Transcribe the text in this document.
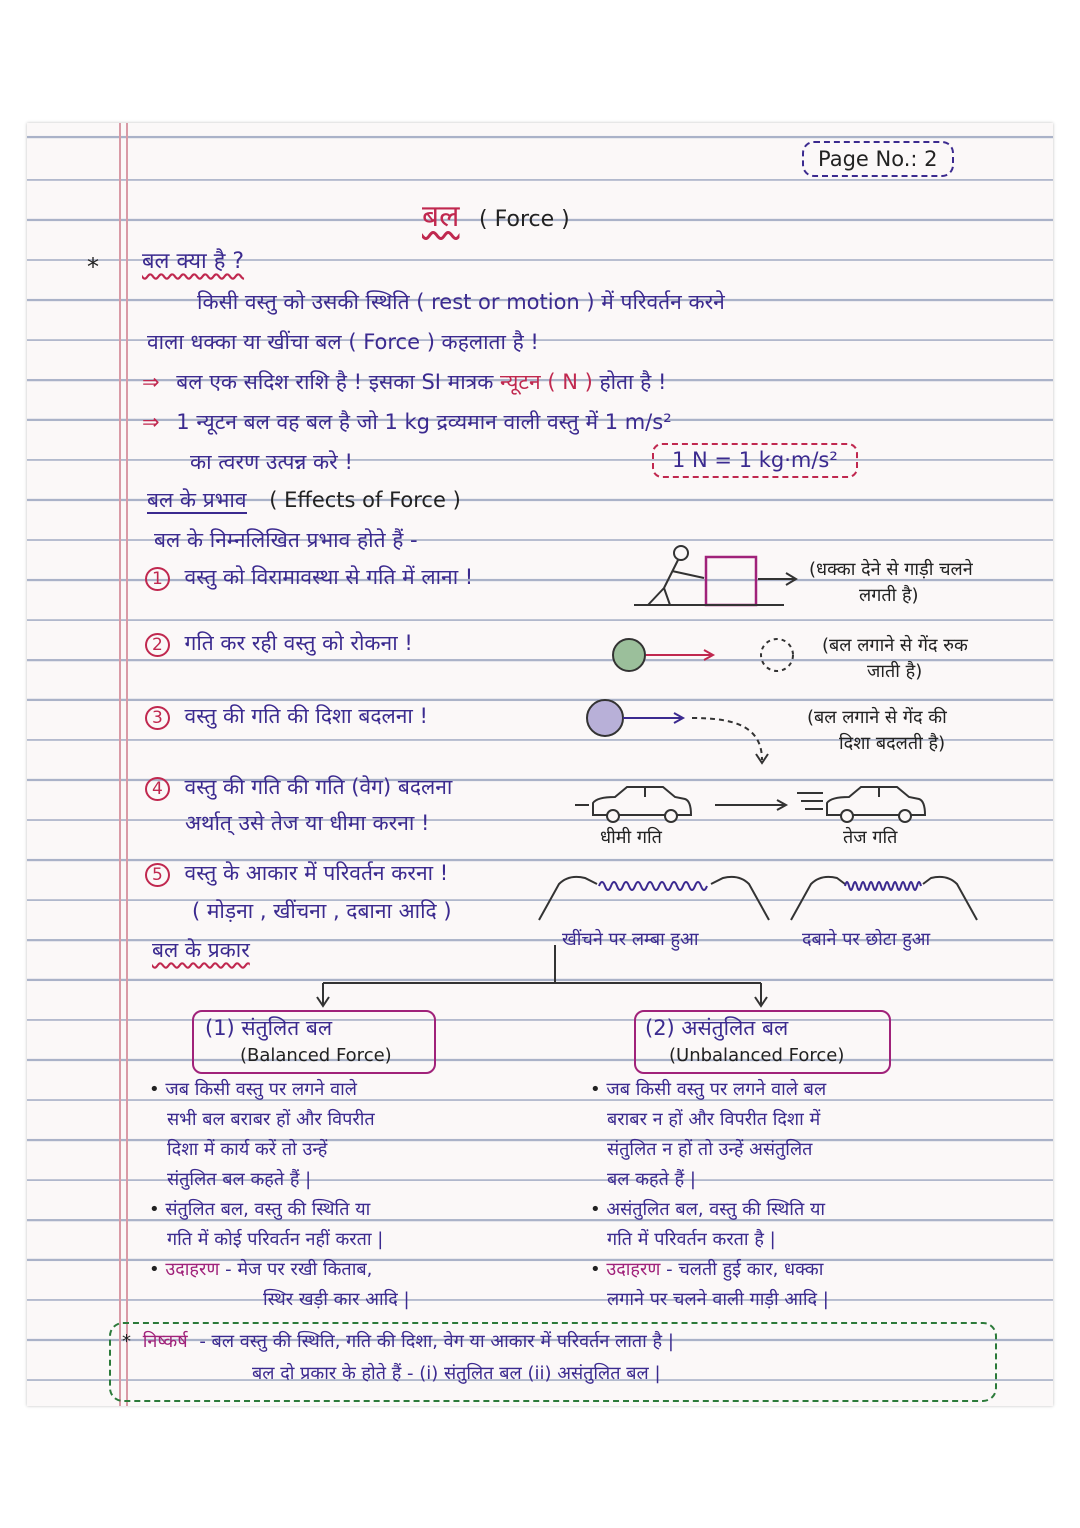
Page No.: 2
बल ( Force )
* बल क्या है ?
किसी वस्तु को उसकी स्थिति ( rest or motion ) में परिवर्तन करने
वाला धक्का या खींचा बल ( Force ) कहलाता है !
⇒ बल एक सदिश राशि है ! इसका SI मात्रक न्यूटन ( N ) होता है !
⇒ 1 न्यूटन बल वह बल है जो 1 kg द्रव्यमान वाली वस्तु में 1 m/s²
का त्वरण उत्पन्न करे !	1 N = 1 kg·m/s²
बल के प्रभाव ( Effects of Force )
बल के निम्नलिखित प्रभाव होते हैं -
1 वस्तु को विरामावस्था से गति में लाना !
2 गति कर रही वस्तु को रोकना !
3 वस्तु की गति की दिशा बदलना !
4 वस्तु की गति की गति (वेग) बदलना
अर्थात् उसे तेज या धीमा करना !
5 वस्तु के आकार में परिवर्तन करना !
( मोड़ना , खींचना , दबाना आदि )
(धक्का देने से गाड़ी चलने
लगती है)
(बल लगाने से गेंद रुक
जाती है)
(बल लगाने से गेंद की
दिशा बदलती है)
धीमी गति	तेज गति
खींचने पर लम्बा हुआ	दबाने पर छोटा हुआ
बल के प्रकार
(1) संतुलित बल
(Balanced Force)
(2) असंतुलित बल
(Unbalanced Force)
• जब किसी वस्तु पर लगने वाले
सभी बल बराबर हों और विपरीत
दिशा में कार्य करें तो उन्हें
संतुलित बल कहते हैं |
• संतुलित बल, वस्तु की स्थिति या
गति में कोई परिवर्तन नहीं करता |
• उदाहरण - मेज पर रखी किताब,
स्थिर खड़ी कार आदि |
• जब किसी वस्तु पर लगने वाले बल
बराबर न हों और विपरीत दिशा में
संतुलित न हों तो उन्हें असंतुलित
बल कहते हैं |
• असंतुलित बल, वस्तु की स्थिति या
गति में परिवर्तन करता है |
• उदाहरण - चलती हुई कार, धक्का
लगाने पर चलने वाली गाड़ी आदि |
* निष्कर्ष - बल वस्तु की स्थिति, गति की दिशा, वेग या आकार में परिवर्तन लाता है |
बल दो प्रकार के होते हैं - (i) संतुलित बल (ii) असंतुलित बल |
